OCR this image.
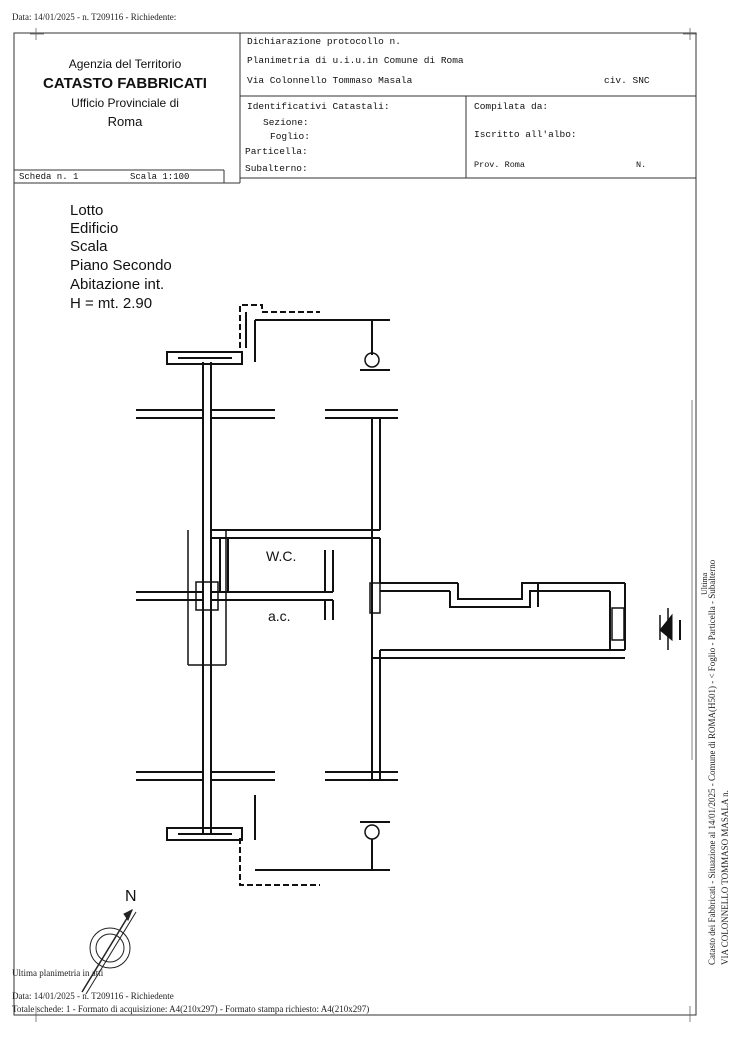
Data: 14/01/2025 - n. T209116 - Richiedente:
Agenzia del Territorio
CATASTO FABBRICATI
Ufficio Provinciale di
Roma
Dichiarazione protocollo n.
Planimetria di u.i.u.in Comune di Roma
Via Colonnello Tommaso Masala	civ. SNC
Identificativi Catastali:
Sezione:
Foglio:
Particella:
Subalterno:
Compilata da:
Iscritto all'albo:
Prov. Roma	N.
Scheda n. 1	Scala 1:100
Lotto
Edificio
Scala
Piano Secondo
Abitazione int.
H = mt. 2.90
W.C.
a.c.
N
Ultima planimetria in atti
Data: 14/01/2025 - n. T209116 - Richiedente
Totale schede: 1 - Formato di acquisizione: A4(210x297) - Formato stampa richiesto: A4(210x297)
Catasto dei Fabbricati - Situazione al 14/01/2025 - Comune di ROMA(H501) - < Foglio - Particella - Subalterno VIA COLONNELLO TOMMASO MASALA n.
Ultima
